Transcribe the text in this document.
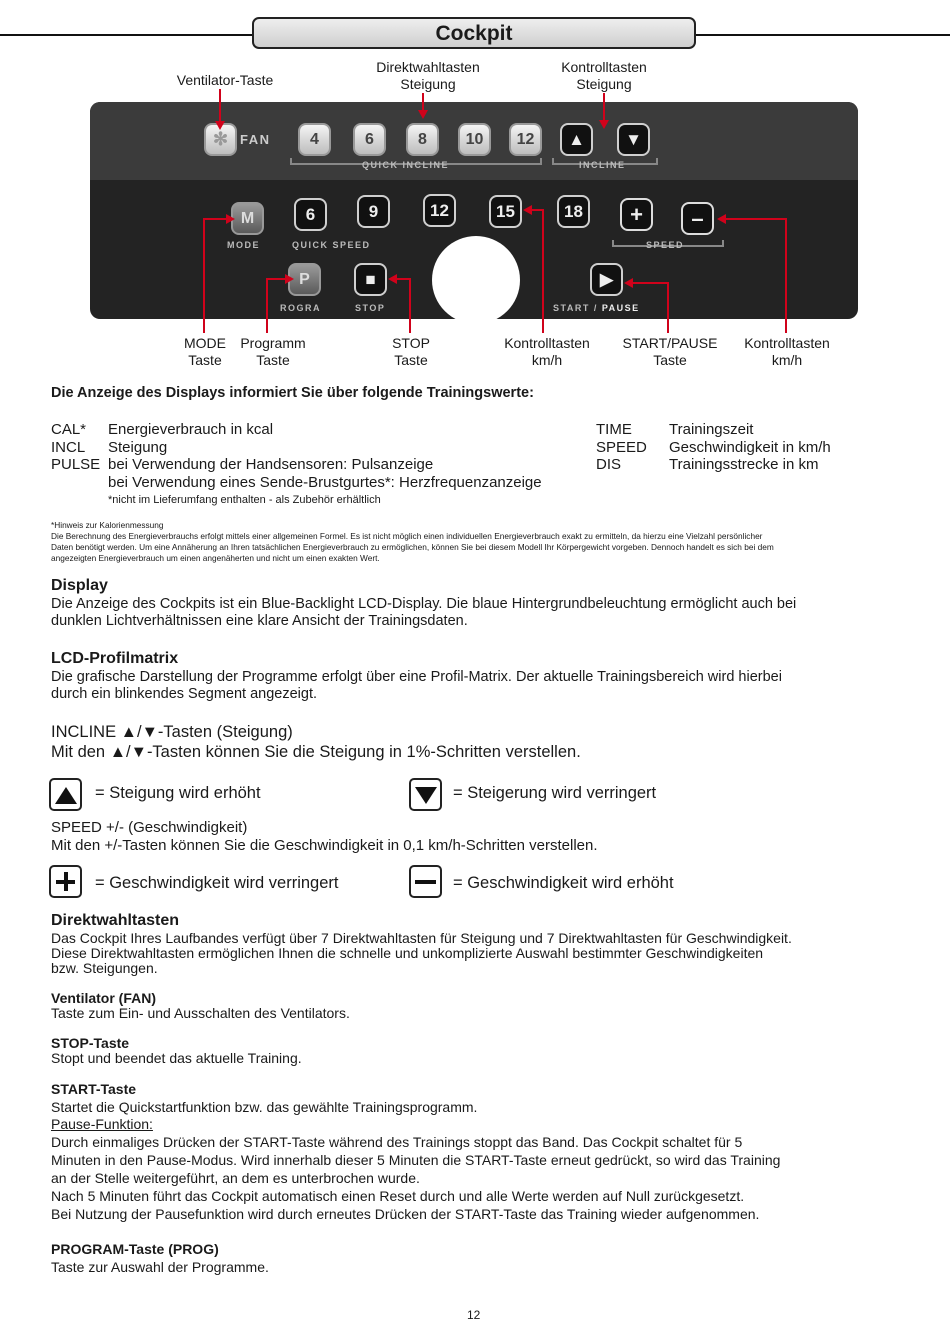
Cockpit
Ventilator-Taste
Direktwahltasten
Steigung
Kontrolltasten
Steigung
✻ FAN	4	6	8	10	12
QUICK INCLINE
▲	▼
INCLINE
M
MODE
6	9	12	15	18
QUICK SPEED
+	–
SPEED
P
ROGRA
■
STOP
▶
START / PAUSE
MODE
Taste
Programm
Taste
STOP
Taste
Kontrolltasten
km/h
START/PAUSE
Taste
Kontrolltasten
km/h
Die Anzeige des Displays informiert Sie über folgende Trainingswerte:
CAL* Energieverbrauch in kcal
INCL Steigung
PULSE bei Verwendung der Handsensoren: Pulsanzeige
bei Verwendung eines Sende-Brustgurtes*: Herzfrequenzanzeige
*nicht im Lieferumfang enthalten - als Zubehör erhältlich
TIME Trainingszeit
SPEED Geschwindigkeit in km/h
DIS	Trainingsstrecke in km
*Hinweis zur Kalorienmessung
Die Berechnung des Energieverbrauchs erfolgt mittels einer allgemeinen Formel. Es ist nicht möglich einen individuellen Energieverbrauch exakt zu ermitteln, da hierzu eine Vielzahl persönlicher
Daten benötigt werden. Um eine Annäherung an Ihren tatsächlichen Energieverbrauch zu ermöglichen, können Sie bei diesem Modell Ihr Körpergewicht vorgeben. Dennoch handelt es sich bei dem
angezeigten Energieverbrauch um einen angenäherten und nicht um einen exakten Wert.
Display
Die Anzeige des Cockpits ist ein Blue-Backlight LCD-Display. Die blaue Hintergrundbeleuchtung ermöglicht auch bei
dunklen Lichtverhältnissen eine klare Ansicht der Trainingsdaten.
LCD-Profilmatrix
Die grafische Darstellung der Programme erfolgt über eine Profil-Matrix. Der aktuelle Trainingsbereich wird hierbei
durch ein blinkendes Segment angezeigt.
INCLINE ▲/▼-Tasten (Steigung)
Mit den ▲/▼-Tasten können Sie die Steigung in 1%-Schritten verstellen.
= Steigung wird erhöht	= Steigerung wird verringert
SPEED +/- (Geschwindigkeit)
Mit den +/-Tasten können Sie die Geschwindigkeit in 0,1 km/h-Schritten verstellen.
= Geschwindigkeit wird verringert	= Geschwindigkeit wird erhöht
Direktwahltasten
Das Cockpit Ihres Laufbandes verfügt über 7 Direktwahltasten für Steigung und 7 Direktwahltasten für Geschwindigkeit.
Diese Direktwahltasten ermöglichen Ihnen die schnelle und unkomplizierte Auswahl bestimmter Geschwindigkeiten
bzw. Steigungen.
Ventilator (FAN)
Taste zum Ein- und Ausschalten des Ventilators.
STOP-Taste
Stopt und beendet das aktuelle Training.
START-Taste
Startet die Quickstartfunktion bzw. das gewählte Trainingsprogramm.
Pause-Funktion:
Durch einmaliges Drücken der START-Taste während des Trainings stoppt das Band. Das Cockpit schaltet für 5
Minuten in den Pause-Modus. Wird innerhalb dieser 5 Minuten die START-Taste erneut gedrückt, so wird das Training
an der Stelle weitergeführt, an dem es unterbrochen wurde.
Nach 5 Minuten führt das Cockpit automatisch einen Reset durch und alle Werte werden auf Null zurückgesetzt.
Bei Nutzung der Pausefunktion wird durch erneutes Drücken der START-Taste das Training wieder aufgenommen.
PROGRAM-Taste (PROG)
Taste zur Auswahl der Programme.
12
